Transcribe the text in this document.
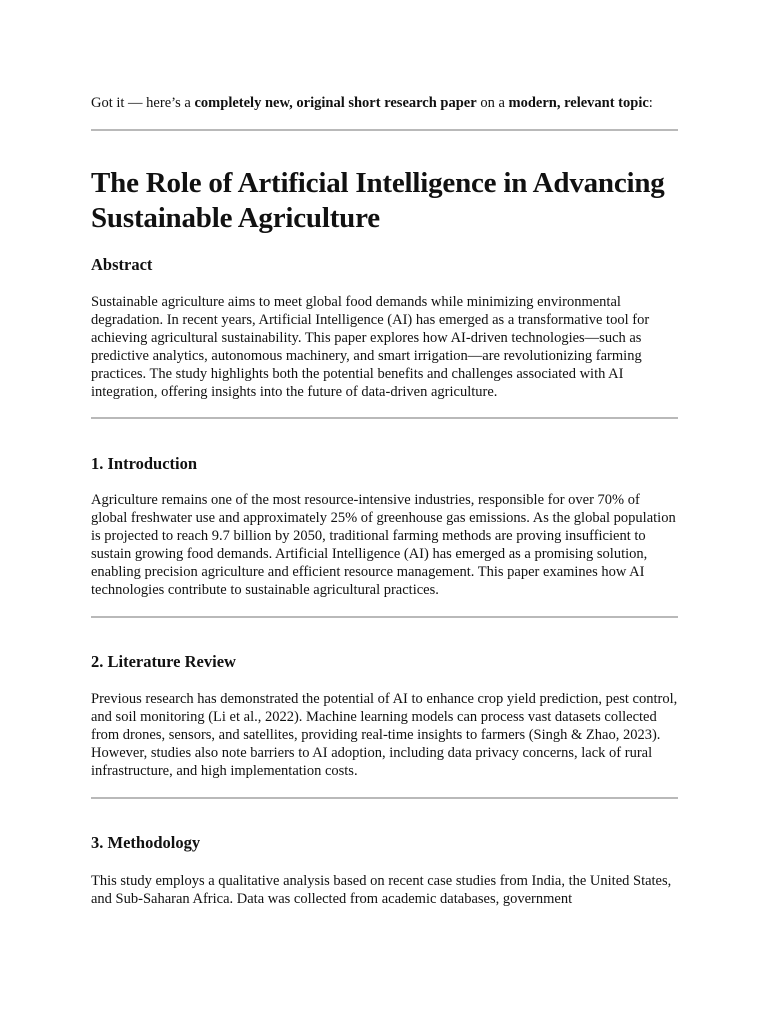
Got it — here’s a completely new, original short research paper on a modern, relevant topic:
The Role of Artificial Intelligence in Advancing Sustainable Agriculture
Abstract

Sustainable agriculture aims to meet global food demands while minimizing environmental degradation. In recent years, Artificial Intelligence (AI) has emerged as a transformative tool for achieving agricultural sustainability. This paper explores how AI-driven technologies—such as predictive analytics, autonomous machinery, and smart irrigation—are revolutionizing farming practices. The study highlights both the potential benefits and challenges associated with AI integration, offering insights into the future of data-driven agriculture.

1. Introduction

Agriculture remains one of the most resource-intensive industries, responsible for over 70% of global freshwater use and approximately 25% of greenhouse gas emissions. As the global population is projected to reach 9.7 billion by 2050, traditional farming methods are proving insufficient to sustain growing food demands. Artificial Intelligence (AI) has emerged as a promising solution, enabling precision agriculture and efficient resource management. This paper examines how AI technologies contribute to sustainable agricultural practices.

2. Literature Review

Previous research has demonstrated the potential of AI to enhance crop yield prediction, pest control, and soil monitoring (Li et al., 2022). Machine learning models can process vast datasets collected from drones, sensors, and satellites, providing real-time insights to farmers (Singh & Zhao, 2023). However, studies also note barriers to AI adoption, including data privacy concerns, lack of rural infrastructure, and high implementation costs.

3. Methodology

This study employs a qualitative analysis based on recent case studies from India, the United States, and Sub-Saharan Africa. Data was collected from academic databases, government
